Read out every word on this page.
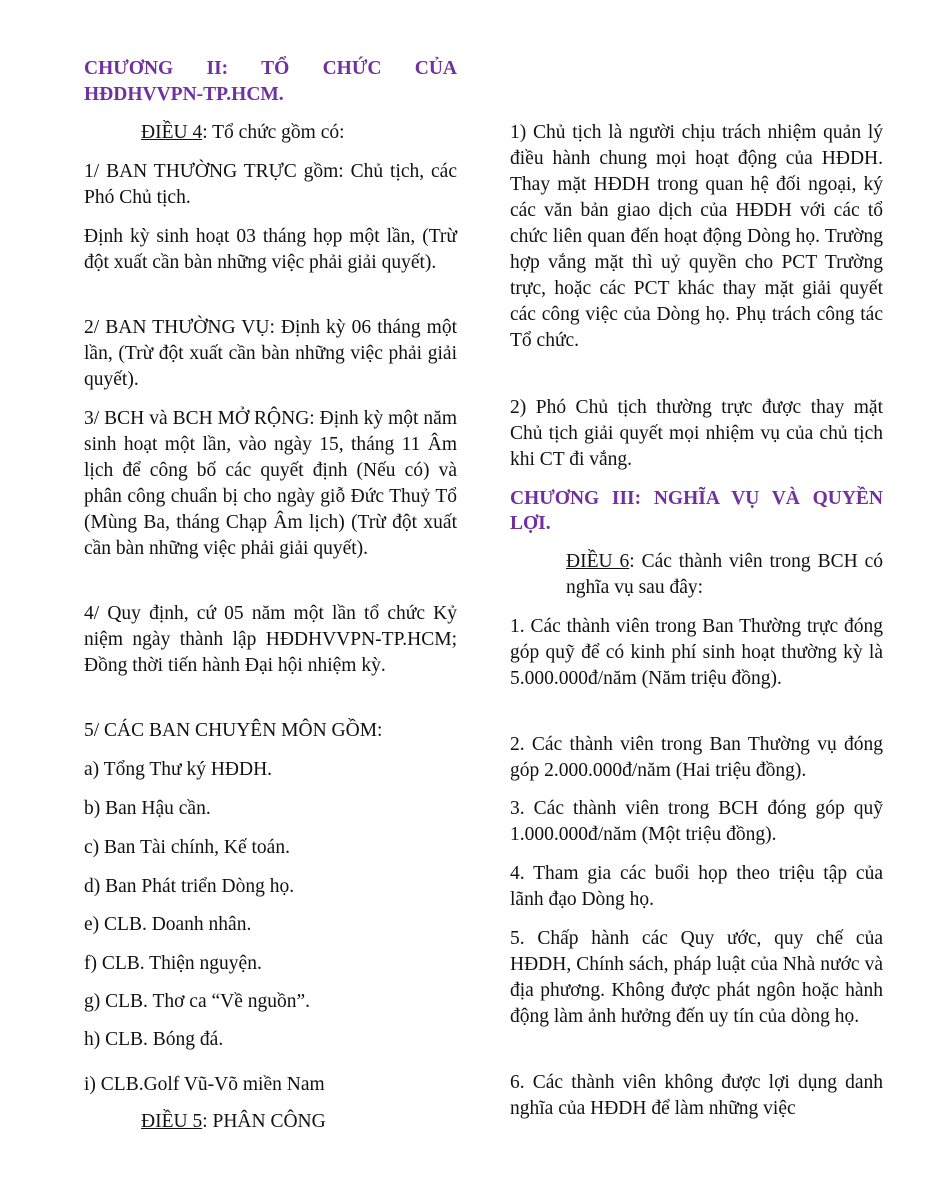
CHƯƠNG II: TỔ CHỨC CỦA
HĐDHVVPN-TP.HCM.

ĐIỀU 4: Tổ chức gồm có:

1/ BAN THƯỜNG TRỰC gồm: Chủ tịch, các Phó Chủ tịch.

Định kỳ sinh hoạt 03 tháng họp một lần, (Trừ đột xuất cần bàn những việc phải giải quyết).

2/ BAN THƯỜNG VỤ: Định kỳ 06 tháng một lần, (Trừ đột xuất cần bàn những việc phải giải quyết).

3/ BCH và BCH MỞ RỘNG: Định kỳ một năm sinh hoạt một lần, vào ngày 15, tháng 11 Âm lịch để công bố các quyết định (Nếu có) và phân công chuẩn bị cho ngày giỗ Đức Thuỷ Tổ (Mùng Ba, tháng Chạp Âm lịch) (Trừ đột xuất cần bàn những việc phải giải quyết).

4/ Quy định, cứ 05 năm một lần tổ chức Kỷ niệm ngày thành lập HĐDHVVPN-TP.HCM; Đồng thời tiến hành Đại hội nhiệm kỳ.

5/ CÁC BAN CHUYÊN MÔN GỒM:

a) Tổng Thư ký HĐDH.

b) Ban Hậu cần.

c) Ban Tài chính, Kế toán.

d) Ban Phát triển Dòng họ.

e) CLB. Doanh nhân.

f) CLB. Thiện nguyện.

g) CLB. Thơ ca “Về nguồn”.

h) CLB. Bóng đá.

i) CLB.Golf Vũ-Võ miền Nam

ĐIỀU 5: PHÂN CÔNG

1) Chủ tịch là người chịu trách nhiệm quản lý điều hành chung mọi hoạt động của HĐDH. Thay mặt HĐDH trong quan hệ đối ngoại, ký các văn bản giao dịch của HĐDH với các tổ chức liên quan đến hoạt động Dòng họ. Trường hợp vắng mặt thì uỷ quyền cho PCT Trường trực, hoặc các PCT khác thay mặt giải quyết các công việc của Dòng họ. Phụ trách công tác Tổ chức.

2) Phó Chủ tịch thường trực được thay mặt Chủ tịch giải quyết mọi nhiệm vụ của chủ tịch khi CT đi vắng.

CHƯƠNG III: NGHĨA VỤ VÀ QUYỀN
LỢI.

ĐIỀU 6: Các thành viên trong BCH có nghĩa vụ sau đây:

1. Các thành viên trong Ban Thường trực đóng góp quỹ để có kinh phí sinh hoạt thường kỳ là 5.000.000đ/năm (Năm triệu đồng).

2. Các thành viên trong Ban Thường vụ đóng góp 2.000.000đ/năm (Hai triệu đồng).

3. Các thành viên trong BCH đóng góp quỹ 1.000.000đ/năm (Một triệu đồng).

4. Tham gia các buổi họp theo triệu tập của lãnh đạo Dòng họ.

5. Chấp hành các Quy ước, quy chế của HĐDH, Chính sách, pháp luật của Nhà nước và địa phương. Không được phát ngôn hoặc hành động làm ảnh hưởng đến uy tín của dòng họ.

6. Các thành viên không được lợi dụng danh nghĩa của HĐDH để làm những việc
